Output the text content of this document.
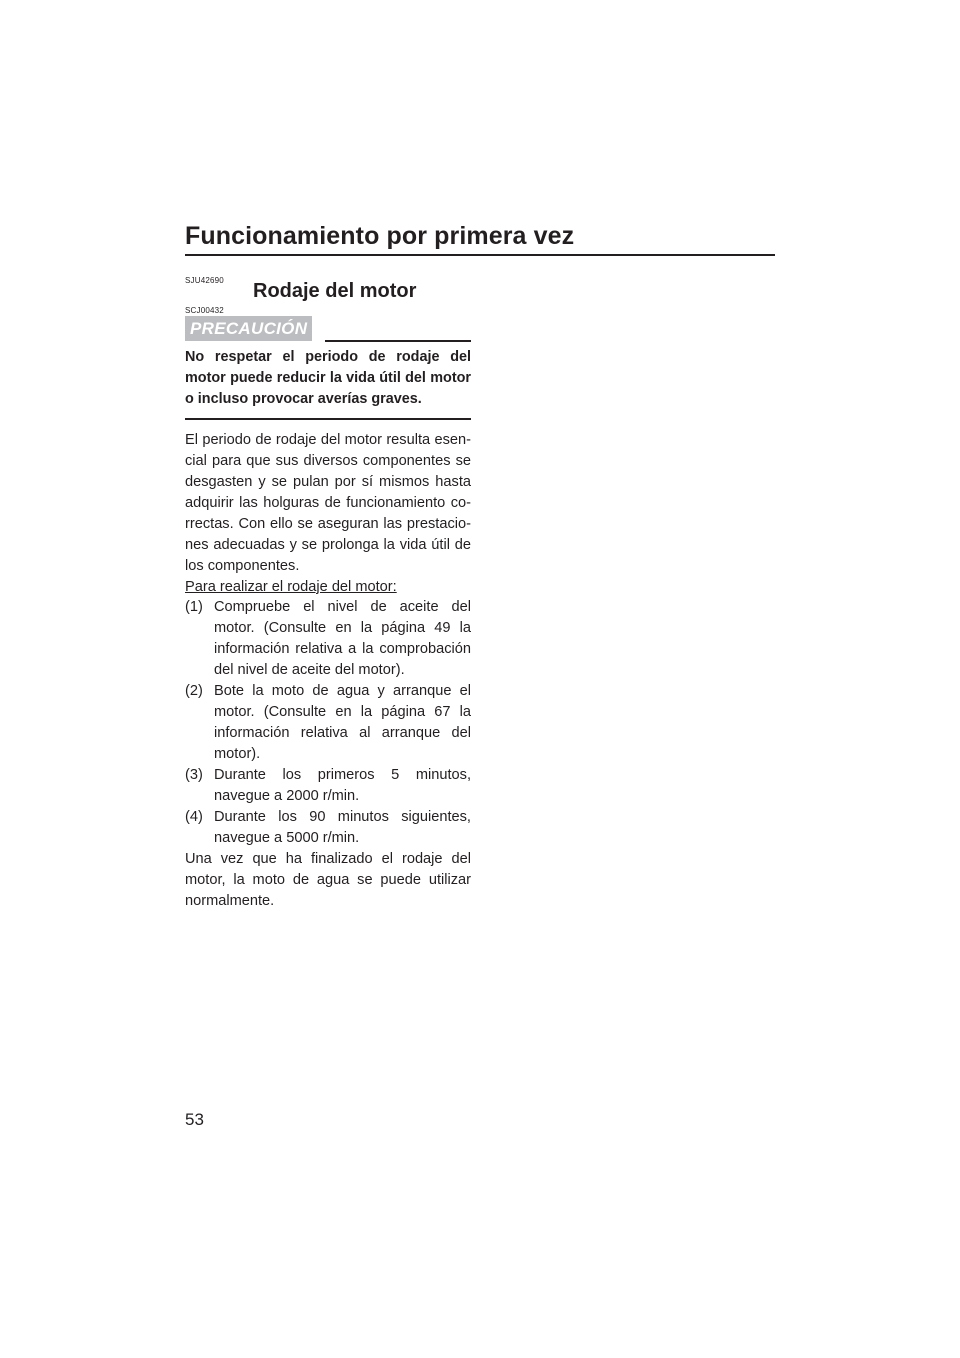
Funcionamiento por primera vez
SJU42690 Rodaje del motor
SCJ00432
PRECAUCIÓN
No respetar el periodo de rodaje del motor puede reducir la vida útil del motor o incluso provocar averías graves.
El periodo de rodaje del motor resulta esencial para que sus diversos componentes se desgasten y se pulan por sí mismos hasta adquirir las holguras de funcionamiento correctas. Con ello se aseguran las prestaciones adecuadas y se prolonga la vida útil de los componentes.
Para realizar el rodaje del motor:
(1) Compruebe el nivel de aceite del motor. (Consulte en la página 49 la información relativa a la comprobación del nivel de aceite del motor).
(2) Bote la moto de agua y arranque el motor. (Consulte en la página 67 la información relativa al arranque del motor).
(3) Durante los primeros 5 minutos, navegue a 2000 r/min.
(4) Durante los 90 minutos siguientes, navegue a 5000 r/min.
Una vez que ha finalizado el rodaje del motor, la moto de agua se puede utilizar normalmente.
53
